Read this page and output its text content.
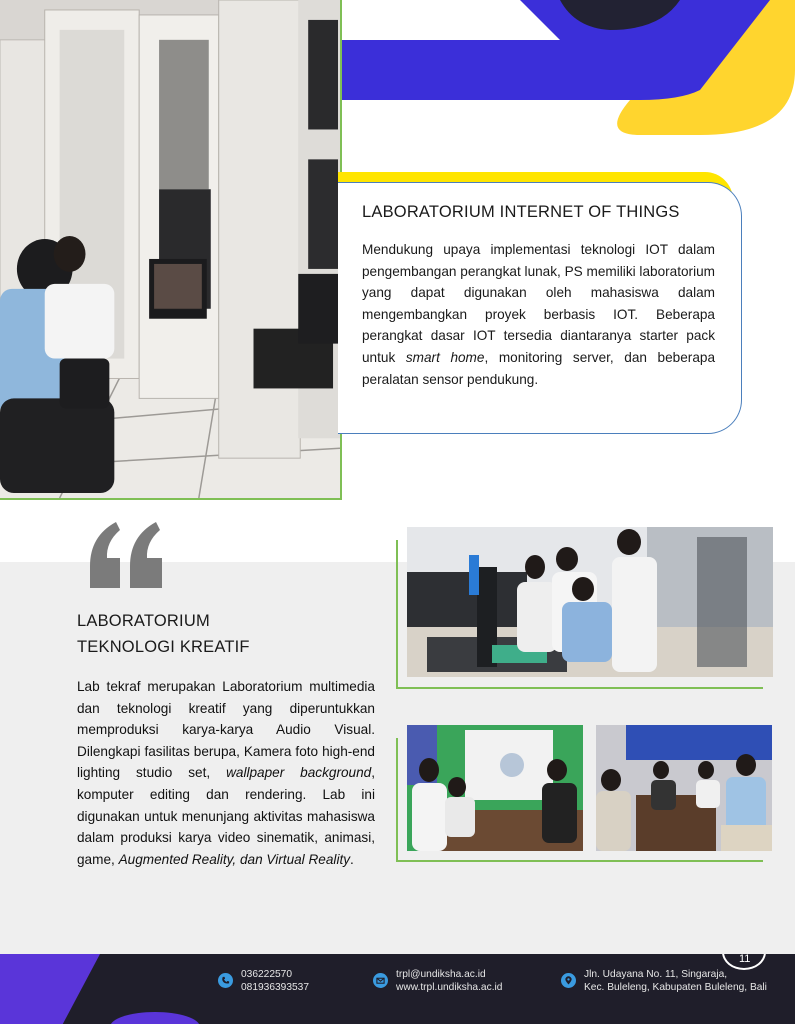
LABORATORIUM INTERNET OF THINGS

Mendukung upaya implementasi teknologi IOT dalam pengembangan perangkat lunak, PS memiliki laboratorium yang dapat digunakan oleh mahasiswa dalam mengembangkan proyek berbasis IOT. Beberapa perangkat dasar IOT tersedia diantaranya starter pack untuk smart home, monitoring server, dan beberapa peralatan sensor pendukung.

LABORATORIUM
TEKNOLOGI KREATIF

Lab tekraf merupakan Laboratorium multimedia dan teknologi kreatif yang diperuntukkan memproduksi karya-karya Audio Visual. Dilengkapi fasilitas berupa, Kamera foto high-end lighting studio set, wallpaper background, komputer editing dan rendering. Lab ini digunakan untuk menunjang aktivitas mahasiswa dalam produksi karya video sinematik, animasi, game, Augmented Reality, dan Virtual Reality.

11
036222570
081936393537
trpl@undiksha.ac.id
www.trpl.undiksha.ac.id
Jln. Udayana No. 11, Singaraja,
Kec. Buleleng, Kabupaten Buleleng, Bali
